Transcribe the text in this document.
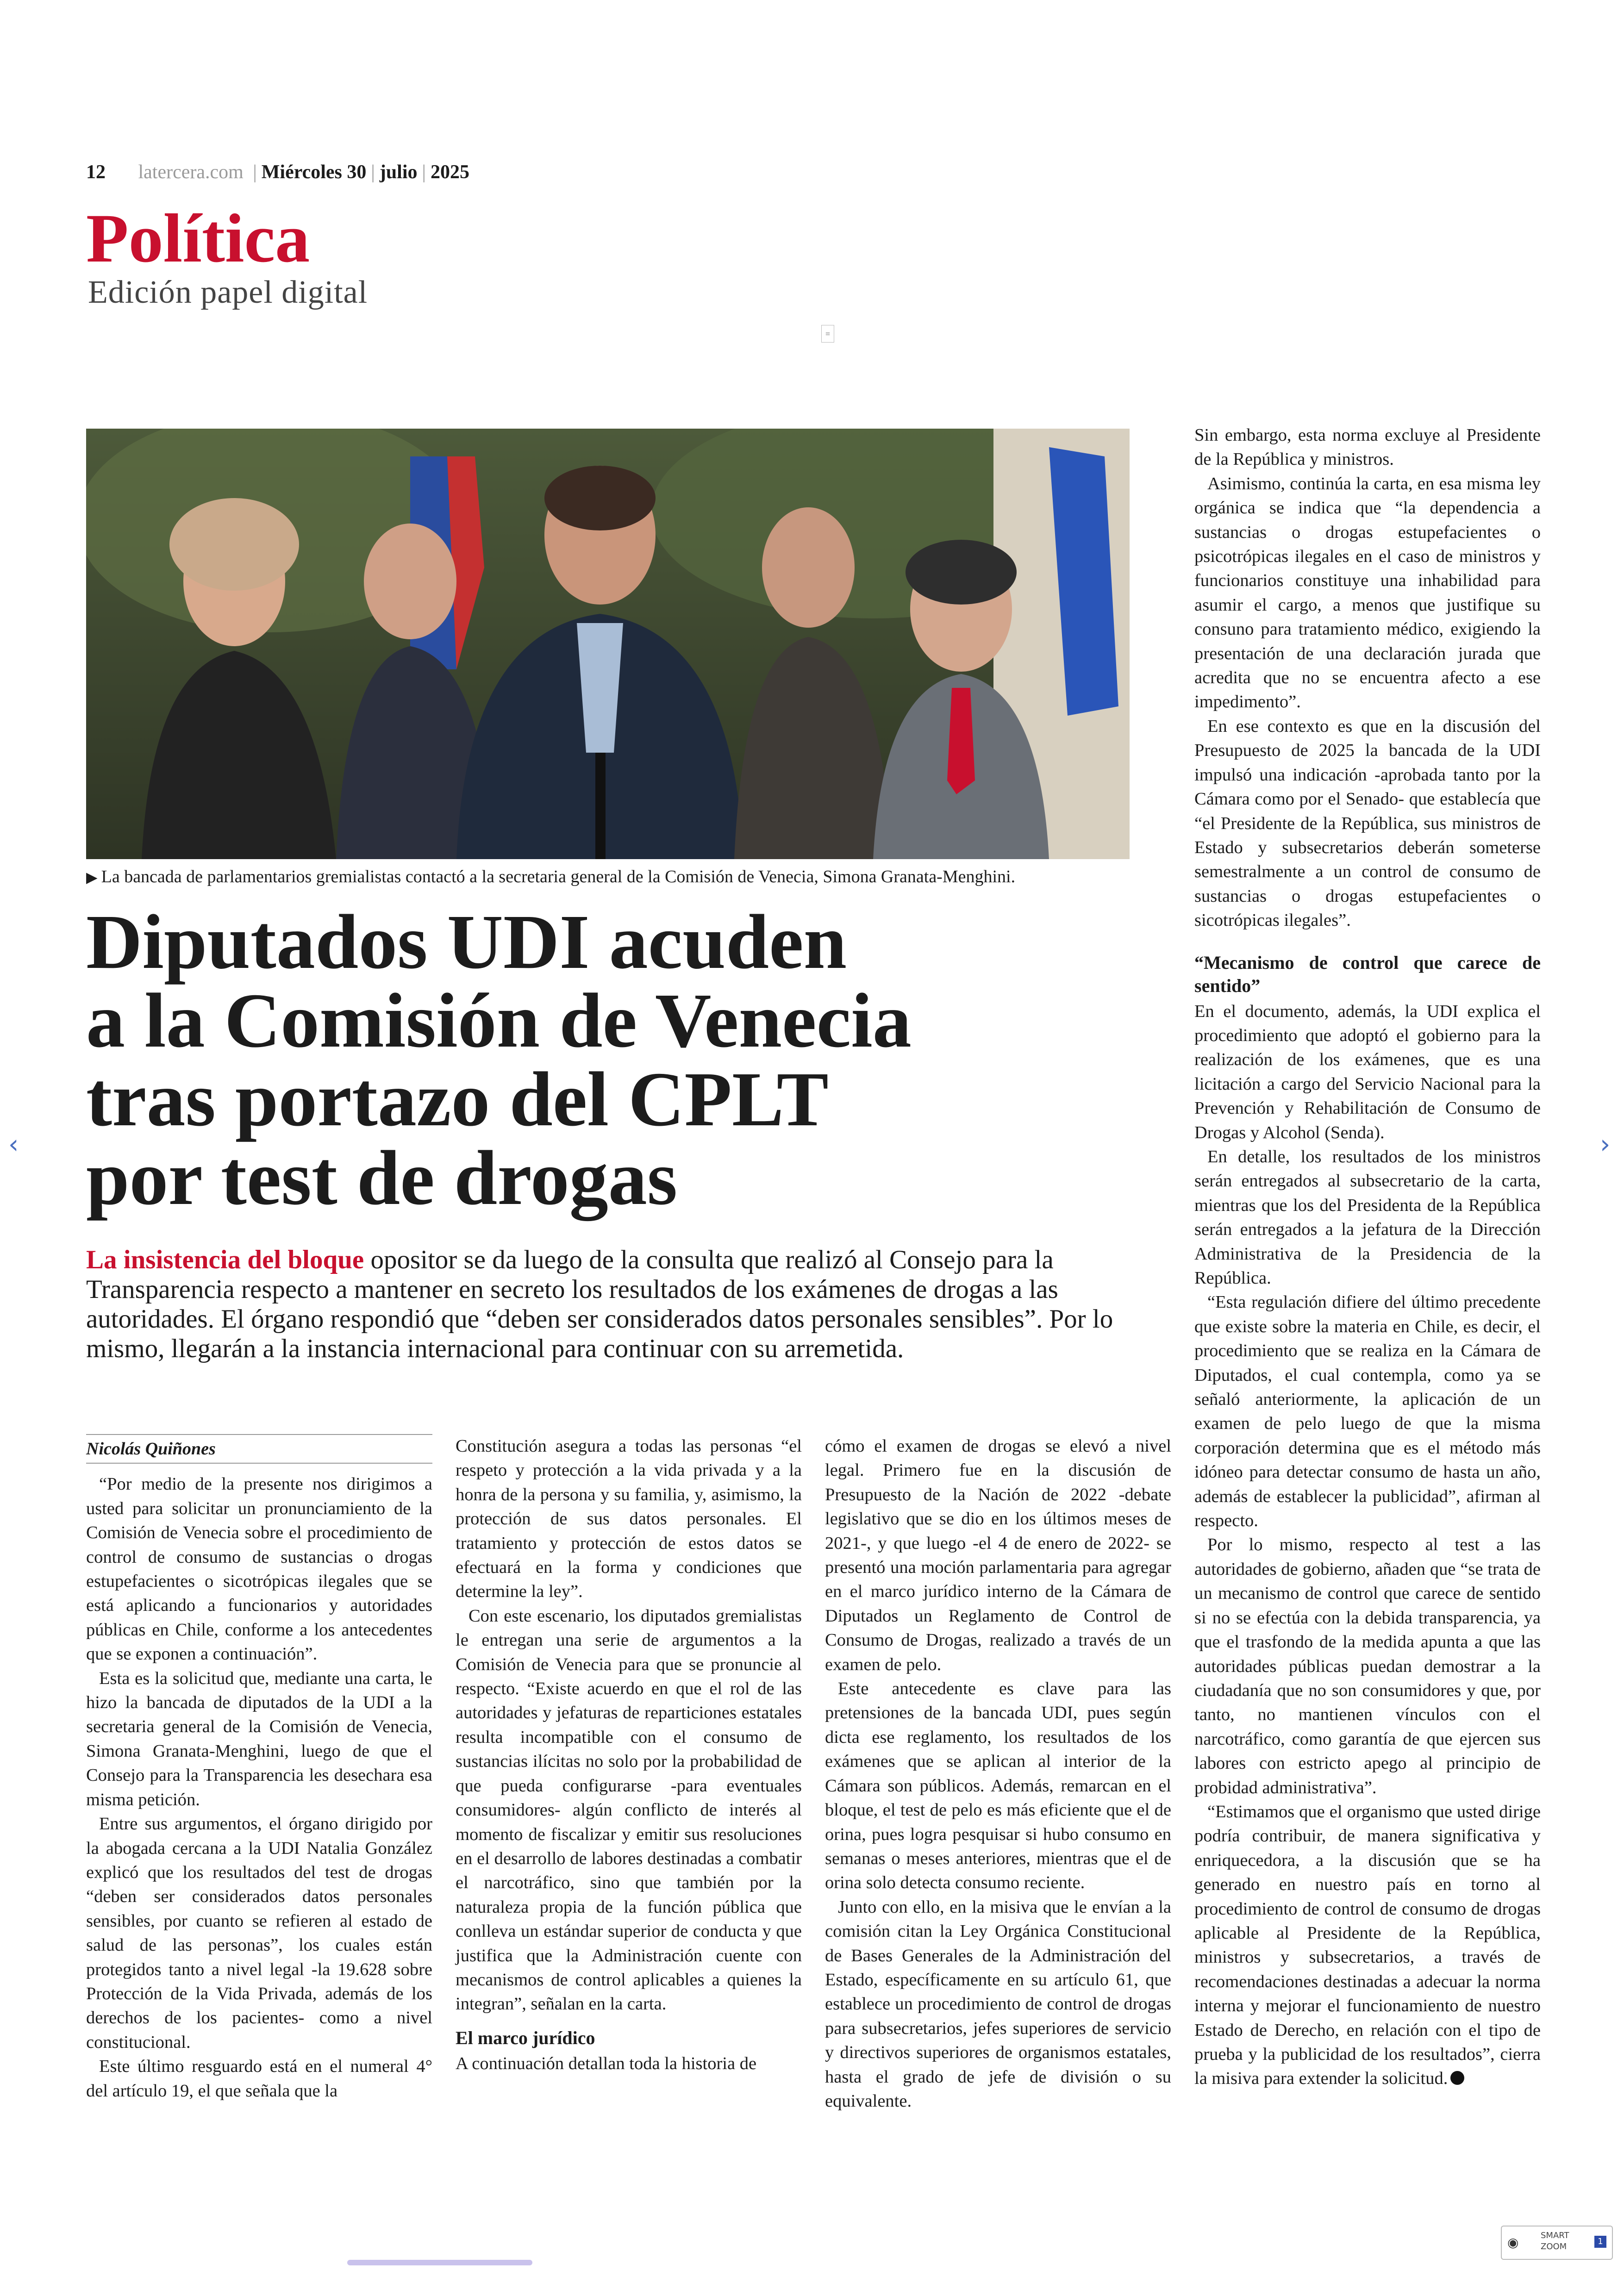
12 latercera.com | Miércoles 30 | julio | 2025
Política
Edición papel digital
≡
▶ La bancada de parlamentarios gremialistas contactó a la secretaria general de la Comisión de Venecia, Simona Granata-Menghini.
Diputados UDI acuden
a la Comisión de Venecia
tras portazo del CPLT
por test de drogas
La insistencia del bloque opositor se da luego de la consulta que realizó al Consejo para la Transparencia respecto a mantener en secreto los resultados de los exámenes de drogas a las autoridades. El órgano respondió que “deben ser considerados datos personales sensibles”. Por lo mismo, llegarán a la instancia internacional para continuar con su arremetida.
Nicolás Quiñones

“Por medio de la presente nos dirigimos a usted para solicitar un pronunciamiento de la Comisión de Venecia sobre el procedimiento de control de consumo de sustancias o drogas estupefacientes o sicotrópicas ilegales que se está aplicando a funcionarios y autoridades públicas en Chile, conforme a los antecedentes que se exponen a continuación”.

Esta es la solicitud que, mediante una carta, le hizo la bancada de diputados de la UDI a la secretaria general de la Comisión de Venecia, Simona Granata-Menghini, luego de que el Consejo para la Transparencia les desechara esa misma petición.

Entre sus argumentos, el órgano dirigido por la abogada cercana a la UDI Natalia González explicó que los resultados del test de drogas “deben ser considerados datos personales sensibles, por cuanto se refieren al estado de salud de las personas”, los cuales están protegidos tanto a nivel legal -la 19.628 sobre Protección de la Vida Privada, además de los derechos de los pacientes- como a nivel constitucional.

Este último resguardo está en el numeral 4° del artículo 19, el que señala que la

Constitución asegura a todas las personas “el respeto y protección a la vida privada y a la honra de la persona y su familia, y, asimismo, la protección de sus datos personales. El tratamiento y protección de estos datos se efectuará en la forma y condiciones que determine la ley”.

Con este escenario, los diputados gremialistas le entregan una serie de argumentos a la Comisión de Venecia para que se pronuncie al respecto. “Existe acuerdo en que el rol de las autoridades y jefaturas de reparticiones estatales resulta incompatible con el consumo de sustancias ilícitas no solo por la probabilidad de que pueda configurarse -para eventuales consumidores- algún conflicto de interés al momento de fiscalizar y emitir sus resoluciones en el desarrollo de labores destinadas a combatir el narcotráfico, sino que también por la naturaleza propia de la función pública que conlleva un estándar superior de conducta y que justifica que la Administración cuente con mecanismos de control aplicables a quienes la integran”, señalan en la carta.

El marco jurídico

A continuación detallan toda la historia de

cómo el examen de drogas se elevó a nivel legal. Primero fue en la discusión de Presupuesto de la Nación de 2022 -debate legislativo que se dio en los últimos meses de 2021-, y que luego -el 4 de enero de 2022- se presentó una moción parlamentaria para agregar en el marco jurídico interno de la Cámara de Diputados un Reglamento de Control de Consumo de Drogas, realizado a través de un examen de pelo.

Este antecedente es clave para las pretensiones de la bancada UDI, pues según dicta ese reglamento, los resultados de los exámenes que se aplican al interior de la Cámara son públicos. Además, remarcan en el bloque, el test de pelo es más eficiente que el de orina, pues logra pesquisar si hubo consumo en semanas o meses anteriores, mientras que el de orina solo detecta consumo reciente.

Junto con ello, en la misiva que le envían a la comisión citan la Ley Orgánica Constitucional de Bases Generales de la Administración del Estado, específicamente en su artículo 61, que establece un procedimiento de control de drogas para subsecretarios, jefes superiores de servicio y directivos superiores de organismos estatales, hasta el grado de jefe de división o su equivalente.

Sin embargo, esta norma excluye al Presidente de la República y ministros.

Asimismo, continúa la carta, en esa misma ley orgánica se indica que “la dependencia a sustancias o drogas estupefacientes o psicotrópicas ilegales en el caso de ministros y funcionarios constituye una inhabilidad para asumir el cargo, a menos que justifique su consuno para tratamiento médico, exigiendo la presentación de una declaración jurada que acredita que no se encuentra afecto a ese impedimento”.

En ese contexto es que en la discusión del Presupuesto de 2025 la bancada de la UDI impulsó una indicación -aprobada tanto por la Cámara como por el Senado- que establecía que “el Presidente de la República, sus ministros de Estado y subsecretarios deberán someterse semestralmente a un control de consumo de sustancias o drogas estupefacientes o sicotrópicas ilegales”.

“Mecanismo de control que carece de sentido”

En el documento, además, la UDI explica el procedimiento que adoptó el gobierno para la realización de los exámenes, que es una licitación a cargo del Servicio Nacional para la Prevención y Rehabilitación de Consumo de Drogas y Alcohol (Senda).

En detalle, los resultados de los ministros serán entregados al subsecretario de la carta, mientras que los del Presidenta de la República serán entregados a la jefatura de la Dirección Administrativa de la Presidencia de la República.

“Esta regulación difiere del último precedente que existe sobre la materia en Chile, es decir, el procedimiento que se realiza en la Cámara de Diputados, el cual contempla, como ya se señaló anteriormente, la aplicación de un examen de pelo luego de que la misma corporación determina que es el método más idóneo para detectar consumo de hasta un año, además de establecer la publicidad”, afirman al respecto.

Por lo mismo, respecto al test a las autoridades de gobierno, añaden que “se trata de un mecanismo de control que carece de sentido si no se efectúa con la debida transparencia, ya que el trasfondo de la medida apunta a que las autoridades públicas puedan demostrar a la ciudadanía que no son consumidores y que, por tanto, no mantienen vínculos con el narcotráfico, como garantía de que ejercen sus labores con estricto apego al principio de probidad administrativa”.

“Estimamos que el organismo que usted dirige podría contribuir, de manera significativa y enriquecedora, a la discusión que se ha generado en nuestro país en torno al procedimiento de control de consumo de drogas aplicable al Presidente de la República, ministros y subsecretarios, a través de recomendaciones destinadas a adecuar la norma interna y mejorar el funcionamiento de nuestro Estado de Derecho, en relación con el tipo de prueba y la publicidad de los resultados”, cierra la misiva para extender la solicitud.

‹	›
◉	SMART
ZOOM
1
